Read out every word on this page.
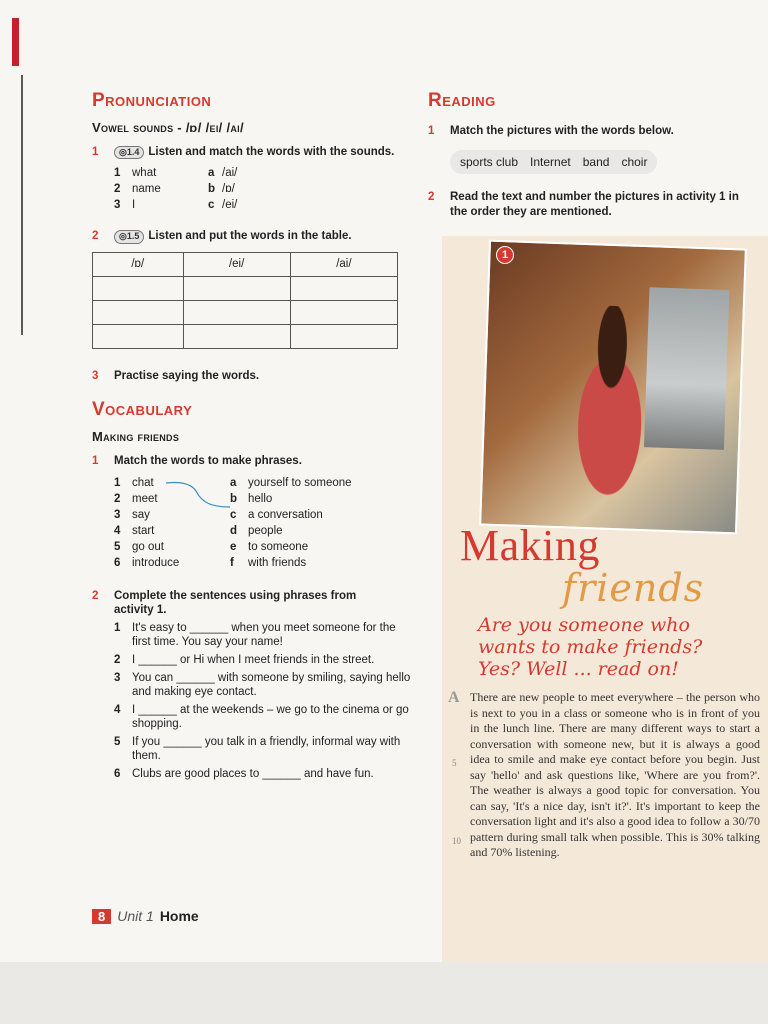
Pronunciation
Vowel sounds - /ɒ/ /ei/ /ai/
1	◎1.4 Listen and match the words with the sounds.
1	what	a /ai/
2	name	b /ɒ/
3	I	c /ei/
2	◎1.5 Listen and put the words in the table.
/ɒ/	/ei/	/ai/

3	Practise saying the words.
Vocabulary
Making friends
1	Match the words to make phrases.
1	chat	a	yourself to someone
2	meet	b hello
3	say	c	a conversation
4	start	d people
5	go out	e	to someone
6	introduce	f	with friends
2	Complete the sentences using phrases from activity 1.
1	It's easy to ______ when you meet someone for the first time. You say your name!
2	I ______ or Hi when I meet friends in the street.
3	You can ______ with someone by smiling, saying hello and making eye contact.
4	I ______ at the weekends – we go to the cinema or go shopping.
5	If you ______ you talk in a friendly, informal way with them.
6	Clubs are good places to ______ and have fun.
Reading
1	Match the pictures with the words below.
sports club Internet band choir
2	Read the text and number the pictures in activity 1 in the order they are mentioned.
1
Making
friends
Are you someone who wants to make friends? Yes? Well ... read on!
A There are new people to meet everywhere – the person who is next to you in a class or someone who is in front of you in the lunch line. There are many different ways to start a conversation with someone new, but it is always a good idea to smile and make eye contact before you begin. Just say 'hello' and ask questions like, 'Where are you from?'. The weather is always a good topic for conversation. You can say, 'It's a nice day, isn't it?'. It's important to keep the conversation light and it's also a good idea to follow a 30/70 pattern during small talk when possible. This is 30% talking and 70% listening.
5
10
8 Unit 1 Home
